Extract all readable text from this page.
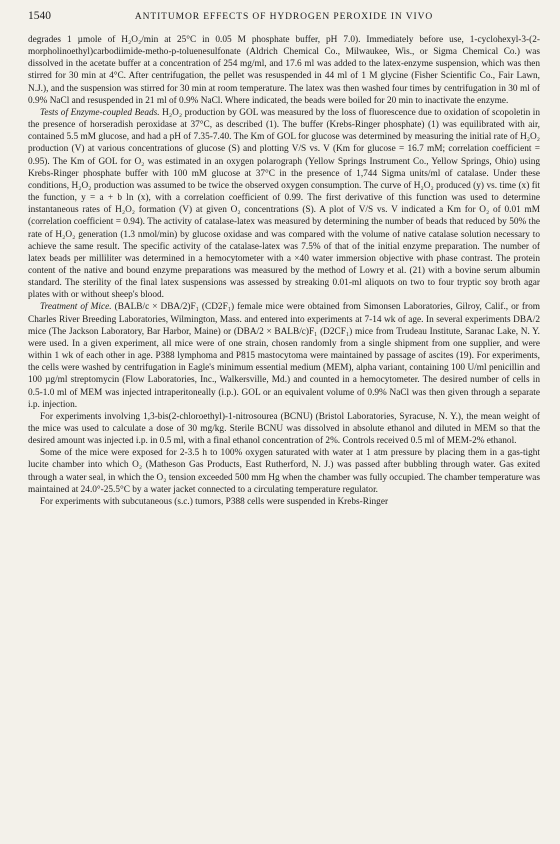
1540	ANTITUMOR EFFECTS OF HYDROGEN PEROXIDE IN VIVO

degrades 1 µmole of H₂O₂/min at 25°C in 0.05 M phosphate buffer, pH 7.0). Immediately before use, 1-cyclohexyl-3-(2-morpholinoethyl)carbodiimide-metho-p-toluenesulfonate (Aldrich Chemical Co., Milwaukee, Wis., or Sigma Chemical Co.) was dissolved in the acetate buffer at a concentration of 254 mg/ml, and 17.6 ml was added to the latex-enzyme suspension, which was then stirred for 30 min at 4°C. After centrifugation, the pellet was resuspended in 44 ml of 1 M glycine (Fisher Scientific Co., Fair Lawn, N.J.), and the suspension was stirred for 30 min at room temperature. The latex was then washed four times by centrifugation in 30 ml of 0.9% NaCl and resuspended in 21 ml of 0.9% NaCl. Where indicated, the beads were boiled for 20 min to inactivate the enzyme.

Tests of Enzyme-coupled Beads. H₂O₂ production by GOL was measured by the loss of fluorescence due to oxidation of scopoletin in the presence of horseradish peroxidase at 37°C, as described (1). The buffer (Krebs-Ringer phosphate) (1) was equilibrated with air, contained 5.5 mM glucose, and had a pH of 7.35-7.40. The Km of GOL for glucose was determined by measuring the initial rate of H₂O₂ production (V) at various concentrations of glucose (S) and plotting V/S vs. V (Km for glucose = 16.7 mM; correlation coefficient = 0.95). The Km of GOL for O₂ was estimated in an oxygen polarograph (Yellow Springs Instrument Co., Yellow Springs, Ohio) using Krebs-Ringer phosphate buffer with 100 mM glucose at 37°C in the presence of 1,744 Sigma units/ml of catalase. Under these conditions, H₂O₂ production was assumed to be twice the observed oxygen consumption. The curve of H₂O₂ produced (y) vs. time (x) fit the function, y = a + b ln (x), with a correlation coefficient of 0.99. The first derivative of this function was used to determine instantaneous rates of H₂O₂ formation (V) at given O₂ concentrations (S). A plot of V/S vs. V indicated a Km for O₂ of 0.01 mM (correlation coefficient = 0.94). The activity of catalase-latex was measured by determining the number of beads that reduced by 50% the rate of H₂O₂ generation (1.3 nmol/min) by glucose oxidase and was compared with the volume of native catalase solution necessary to achieve the same result. The specific activity of the catalase-latex was 7.5% of that of the initial enzyme preparation. The number of latex beads per milliliter was determined in a hemocytometer with a ×40 water immersion objective with phase contrast. The protein content of the native and bound enzyme preparations was measured by the method of Lowry et al. (21) with a bovine serum albumin standard. The sterility of the final latex suspensions was assessed by streaking 0.01-ml aliquots on two to four tryptic soy broth agar plates with or without sheep's blood.

Treatment of Mice. (BALB/c × DBA/2)F₁ (CD2F₁) female mice were obtained from Simonsen Laboratories, Gilroy, Calif., or from Charles River Breeding Laboratories, Wilmington, Mass. and entered into experiments at 7-14 wk of age. In several experiments DBA/2 mice (The Jackson Laboratory, Bar Harbor, Maine) or (DBA/2 × BALB/c)F₁ (D2CF₁) mice from Trudeau Institute, Saranac Lake, N. Y. were used. In a given experiment, all mice were of one strain, chosen randomly from a single shipment from one supplier, and were within 1 wk of each other in age. P388 lymphoma and P815 mastocytoma were maintained by passage of ascites (19). For experiments, the cells were washed by centrifugation in Eagle's minimum essential medium (MEM), alpha variant, containing 100 U/ml penicillin and 100 µg/ml streptomycin (Flow Laboratories, Inc., Walkersville, Md.) and counted in a hemocytometer. The desired number of cells in 0.5-1.0 ml of MEM was injected intraperitoneally (i.p.). GOL or an equivalent volume of 0.9% NaCl was then given through a separate i.p. injection.

For experiments involving 1,3-bis(2-chloroethyl)-1-nitrosourea (BCNU) (Bristol Laboratories, Syracuse, N. Y.), the mean weight of the mice was used to calculate a dose of 30 mg/kg. Sterile BCNU was dissolved in absolute ethanol and diluted in MEM so that the desired amount was injected i.p. in 0.5 ml, with a final ethanol concentration of 2%. Controls received 0.5 ml of MEM-2% ethanol.

Some of the mice were exposed for 2-3.5 h to 100% oxygen saturated with water at 1 atm pressure by placing them in a gas-tight lucite chamber into which O₂ (Matheson Gas Products, East Rutherford, N. J.) was passed after bubbling through water. Gas exited through a water seal, in which the O₂ tension exceeded 500 mm Hg when the chamber was fully occupied. The chamber temperature was maintained at 24.0°-25.5°C by a water jacket connected to a circulating temperature regulator.

For experiments with subcutaneous (s.c.) tumors, P388 cells were suspended in Krebs-Ringer
